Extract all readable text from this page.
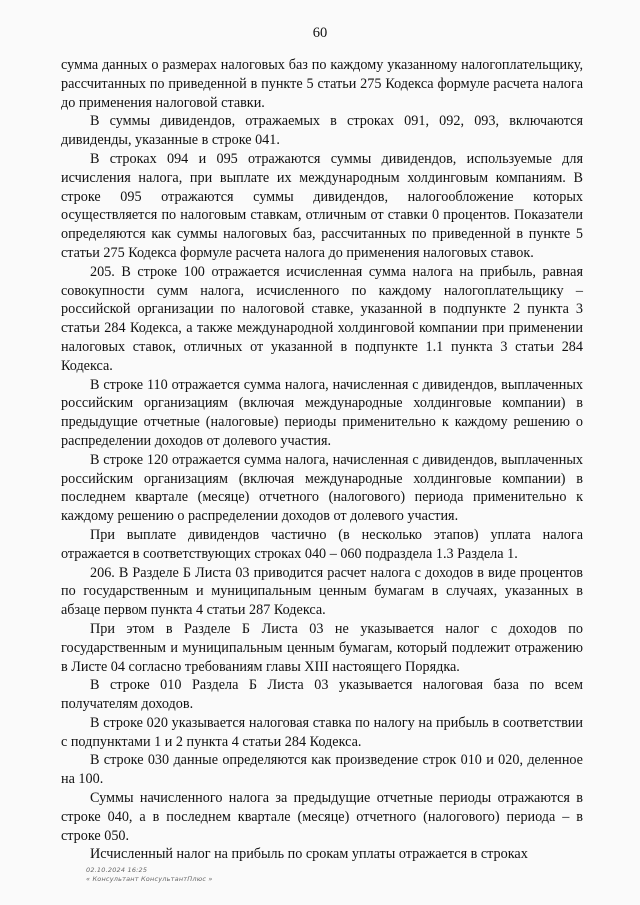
60

сумма данных о размерах налоговых баз по каждому указанному налогоплательщику, рассчитанных по приведенной в пункте 5 статьи 275 Кодекса формуле расчета налога до применения налоговой ставки.

В суммы дивидендов, отражаемых в строках 091, 092, 093, включаются дивиденды, указанные в строке 041.

В строках 094 и 095 отражаются суммы дивидендов, используемые для исчисления налога, при выплате их международным холдинговым компаниям. В строке 095 отражаются суммы дивидендов, налогообложение которых осуществляется по налоговым ставкам, отличным от ставки 0 процентов. Показатели определяются как суммы налоговых баз, рассчитанных по приведенной в пункте 5 статьи 275 Кодекса формуле расчета налога до применения налоговых ставок.

205. В строке 100 отражается исчисленная сумма налога на прибыль, равная совокупности сумм налога, исчисленного по каждому налогоплательщику – российской организации по налоговой ставке, указанной в подпункте 2 пункта 3 статьи 284 Кодекса, а также международной холдинговой компании при применении налоговых ставок, отличных от указанной в подпункте 1.1 пункта 3 статьи 284 Кодекса.

В строке 110 отражается сумма налога, начисленная с дивидендов, выплаченных российским организациям (включая международные холдинговые компании) в предыдущие отчетные (налоговые) периоды применительно к каждому решению о распределении доходов от долевого участия.

В строке 120 отражается сумма налога, начисленная с дивидендов, выплаченных российским организациям (включая международные холдинговые компании) в последнем квартале (месяце) отчетного (налогового) периода применительно к каждому решению о распределении доходов от долевого участия.

При выплате дивидендов частично (в несколько этапов) уплата налога отражается в соответствующих строках 040 – 060 подраздела 1.3 Раздела 1.

206. В Разделе Б Листа 03 приводится расчет налога с доходов в виде процентов по государственным и муниципальным ценным бумагам в случаях, указанных в абзаце первом пункта 4 статьи 287 Кодекса.

При этом в Разделе Б Листа 03 не указывается налог с доходов по государственным и муниципальным ценным бумагам, который подлежит отражению в Листе 04 согласно требованиям главы XIII настоящего Порядка.

В строке 010 Раздела Б Листа 03 указывается налоговая база по всем получателям доходов.

В строке 020 указывается налоговая ставка по налогу на прибыль в соответствии с подпунктами 1 и 2 пункта 4 статьи 284 Кодекса.

В строке 030 данные определяются как произведение строк 010 и 020, деленное на 100.

Суммы начисленного налога за предыдущие отчетные периоды отражаются в строке 040, а в последнем квартале (месяце) отчетного (налогового) периода – в строке 050.

Исчисленный налог на прибыль по срокам уплаты отражается в строках

02.10.2024 16:25
« Консультант КонсультантПлюс »
